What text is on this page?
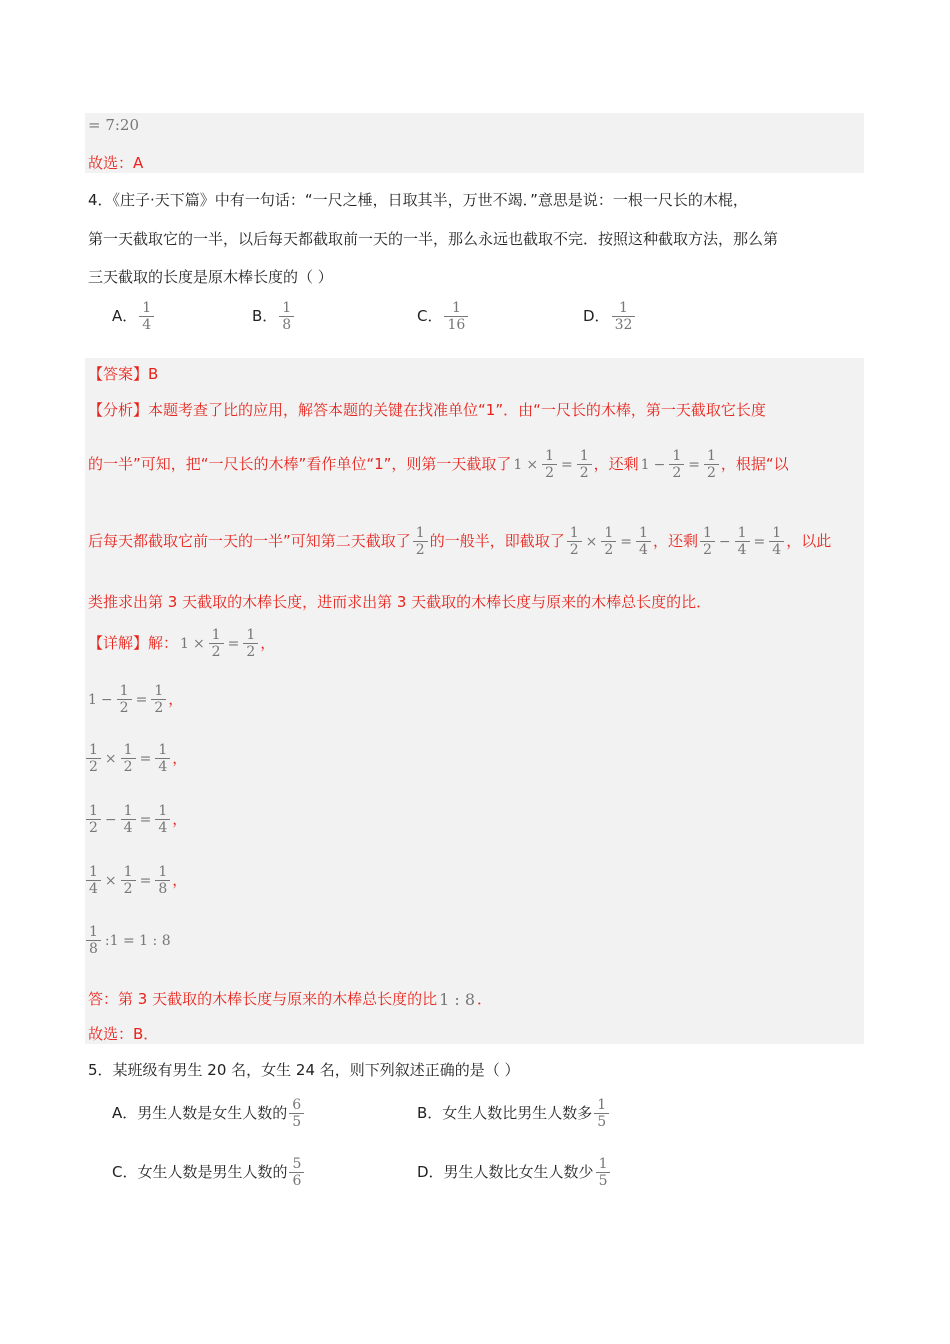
= 7:20
故选：A
4．《庄子·天下篇》中有一句话：“一尺之棰，日取其半，万世不竭．”意思是说：一根一尺长的木棍，
第一天截取它的一半，以后每天都截取前一天的一半，那么永远也截取不完．按照这种截取方法，那么第
三天截取的长度是原木棒长度的（ ）
A． $\frac{1}{4}$	B． $\frac{1}{8}$	C． $\frac{1}{16}$	D． $\frac{1}{32}$
【答案】B
【分析】本题考查了比的应用，解答本题的关键在找准单位“1”．由“一尺长的木棒，第一天截取它长度
的一半”可知，把“一尺长的木棒”看作单位“1”，则第一天截取了 $1 \times \frac{1}{2} = \frac{1}{2}$ ，还剩 $1 - \frac{1}{2} = \frac{1}{2}$ ，根据“以
后每天都截取它前一天的一半”可知第二天截取了 $\frac{1}{2}$ 的一般半，即截取了 $\frac{1}{2} \times \frac{1}{2} = \frac{1}{4}$ ，还剩 $\frac{1}{2} - \frac{1}{4} = \frac{1}{4}$ ，以此
类推求出第 3 天截取的木棒长度，进而求出第 3 天截取的木棒长度与原来的木棒总长度的比．
【详解】解： $1 \times \frac{1}{2} = \frac{1}{2}$ ，
$1 - \frac{1}{2} = \frac{1}{2}$ ，
$\frac{1}{2} \times \frac{1}{2} = \frac{1}{4}$ ，
$\frac{1}{2} - \frac{1}{4} = \frac{1}{4}$ ，
$\frac{1}{4} \times \frac{1}{2} = \frac{1}{8}$ ，
$\frac{1}{8}$ :1 = 1 : 8
答：第 3 天截取的木棒长度与原来的木棒总长度的比 1 : 8 ．
故选：B．
5．某班级有男生 20 名，女生 24 名，则下列叙述正确的是（ ）
A．男生人数是女生人数的 $\frac{6}{5}$	B．女生人数比男生人数多 $\frac{1}{5}$
C．女生人数是男生人数的 $\frac{5}{6}$	D．男生人数比女生人数少 $\frac{1}{5}$
